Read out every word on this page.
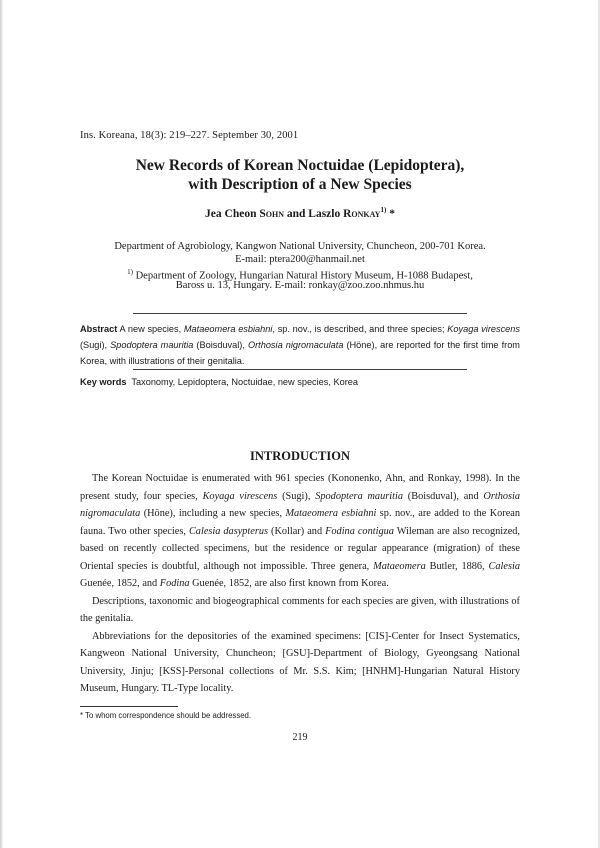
Ins. Koreana, 18(3): 219–227. September 30, 2001
New Records of Korean Noctuidae (Lepidoptera),
with Description of a New Species
Jea Cheon Sohn and Laszlo Ronkay$^{1)}$ *
Department of Agrobiology, Kangwon National University, Chuncheon, 200-701 Korea.
E-mail: ptera200@hanmail.net
$^{1)}$ Department of Zoology, Hungarian Natural History Museum, H-1088 Budapest,
Baross u. 13, Hungary. E-mail: ronkay@zoo.zoo.nhmus.hu
Abstract A new species, Mataeomera esbiahni, sp. nov., is described, and three species; Koyaga virescens (Sugi), Spodoptera mauritia (Boisduval), Orthosia nigromaculata (Höne), are reported for the first time from Korea, with illustrations of their genitalia.
Key words Taxonomy, Lepidoptera, Noctuidae, new species, Korea
INTRODUCTION

The Korean Noctuidae is enumerated with 961 species (Kononenko, Ahn, and Ronkay, 1998). In the present study, four species, Koyaga virescens (Sugi), Spodoptera mauritia (Boisduval), and Orthosia nigromaculata (Höne), including a new species, Mataeomera esbiahni sp. nov., are added to the Korean fauna. Two other species, Calesia dasypterus (Kollar) and Fodina contigua Wileman are also recognized, based on recently collected specimens, but the residence or regular appearance (migration) of these Oriental species is doubtful, although not impossible. Three genera, Mataeomera Butler, 1886, Calesia Guenée, 1852, and Fodina Guenée, 1852, are also first known from Korea.

Descriptions, taxonomic and biogeographical comments for each species are given, with illustrations of the genitalia.

Abbreviations for the depositories of the examined specimens: [CIS]-Center for Insect Systematics, Kangweon National University, Chuncheon; [GSU]-Department of Biology, Gyeongsang National University, Jinju; [KSS]-Personal collections of Mr. S.S. Kim; [HNHM]-Hungarian Natural History Museum, Hungary. TL-Type locality.

* To whom correspondence should be addressed.
219
